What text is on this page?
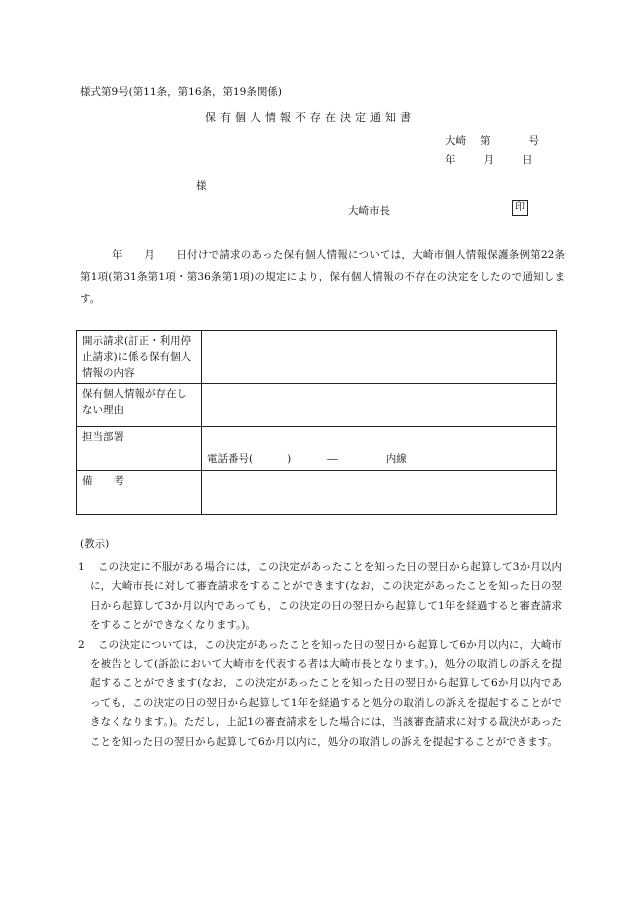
様式第9号(第11条，第16条，第19条関係)
保有個人情報不存在決定通知書
大崎 第	号
年	月	日
様
大崎市長	印
年　　月　　日付けで請求のあった保有個人情報については，大崎市個人情報保護条例第22条第1項(第31条第1項・第36条第1項)の規定により，保有個人情報の不存在の決定をしたので通知します。
開示請求(訂正・利用停止請求)に係る保有個人情報の内容	
保有個人情報が存在しない理由	
担当部署	電話番号( ) ― 内線

備　　考	
(教示)
1	この決定に不服がある場合には，この決定があったことを知った日の翌日から起算して3か月以内に，大崎市長に対して審査請求をすることができます(なお，この決定があったことを知った日の翌日から起算して3か月以内であっても，この決定の日の翌日から起算して1年を経過すると審査請求をすることができなくなります。)。
2	この決定については，この決定があったことを知った日の翌日から起算して6か月以内に，大崎市を被告として(訴訟において大崎市を代表する者は大崎市長となります。)，処分の取消しの訴えを提起することができます(なお，この決定があったことを知った日の翌日から起算して6か月以内であっても，この決定の日の翌日から起算して1年を経過すると処分の取消しの訴えを提起することができなくなります。)。ただし，上記1の審査請求をした場合には，当該審査請求に対する裁決があったことを知った日の翌日から起算して6か月以内に，処分の取消しの訴えを提起することができます。
